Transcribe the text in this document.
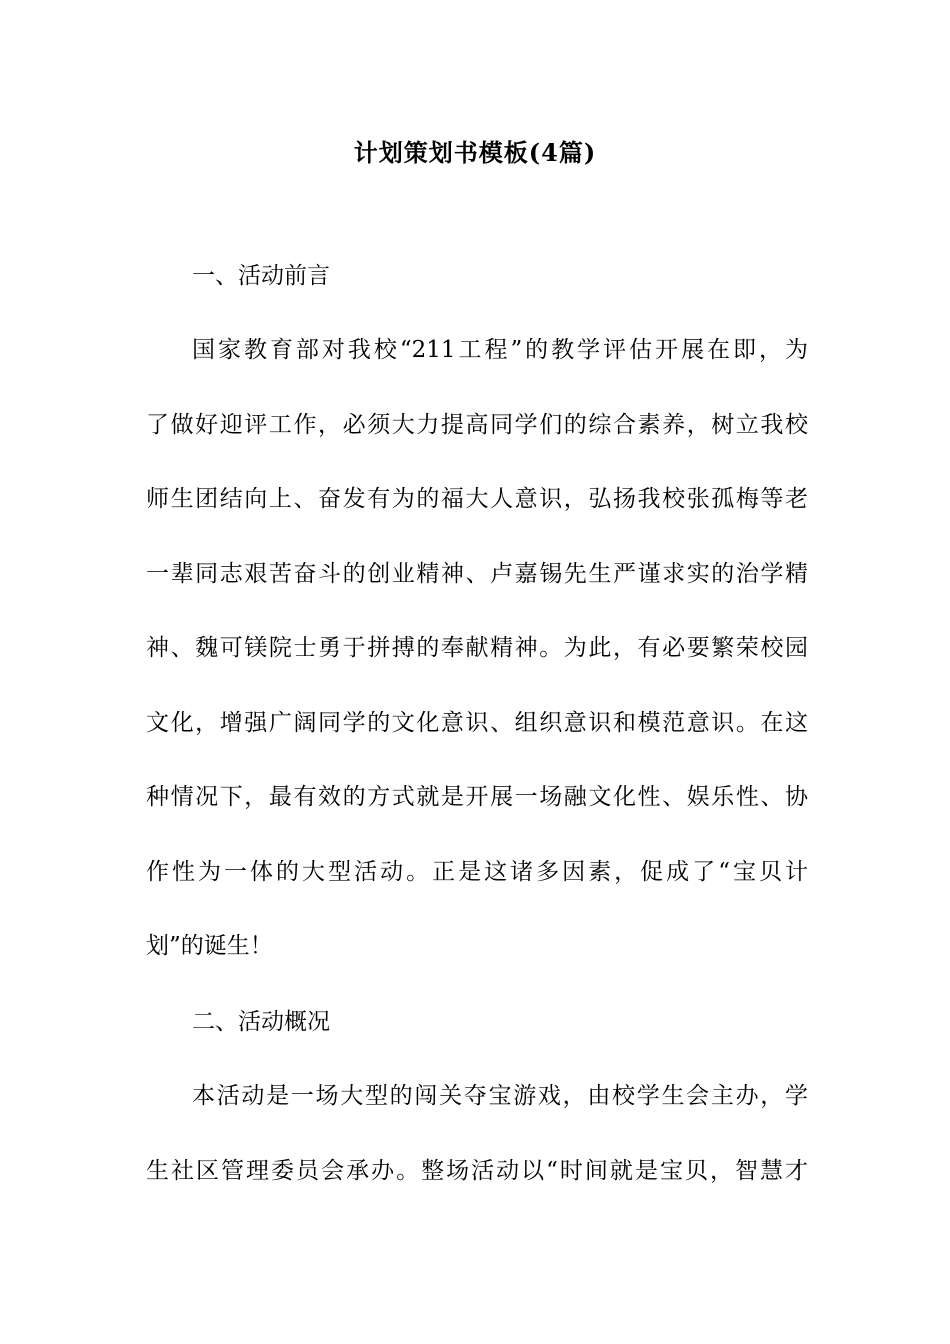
计划策划书模板(4篇)

一、活动前言

国家教育部对我校“211工程”的教学评估开展在即，为
了做好迎评工作，必须大力提高同学们的综合素养，树立我校
师生团结向上、奋发有为的福大人意识，弘扬我校张孤梅等老
一辈同志艰苦奋斗的创业精神、卢嘉锡先生严谨求实的治学精
神、魏可镁院士勇于拼搏的奉献精神。为此，有必要繁荣校园
文化，增强广阔同学的文化意识、组织意识和模范意识。在这
种情况下，最有效的方式就是开展一场融文化性、娱乐性、协
作性为一体的大型活动。正是这诸多因素，促成了“宝贝计
划”的诞生！

二、活动概况

本活动是一场大型的闯关夺宝游戏，由校学生会主办，学
生社区管理委员会承办。整场活动以“时间就是宝贝，智慧才
